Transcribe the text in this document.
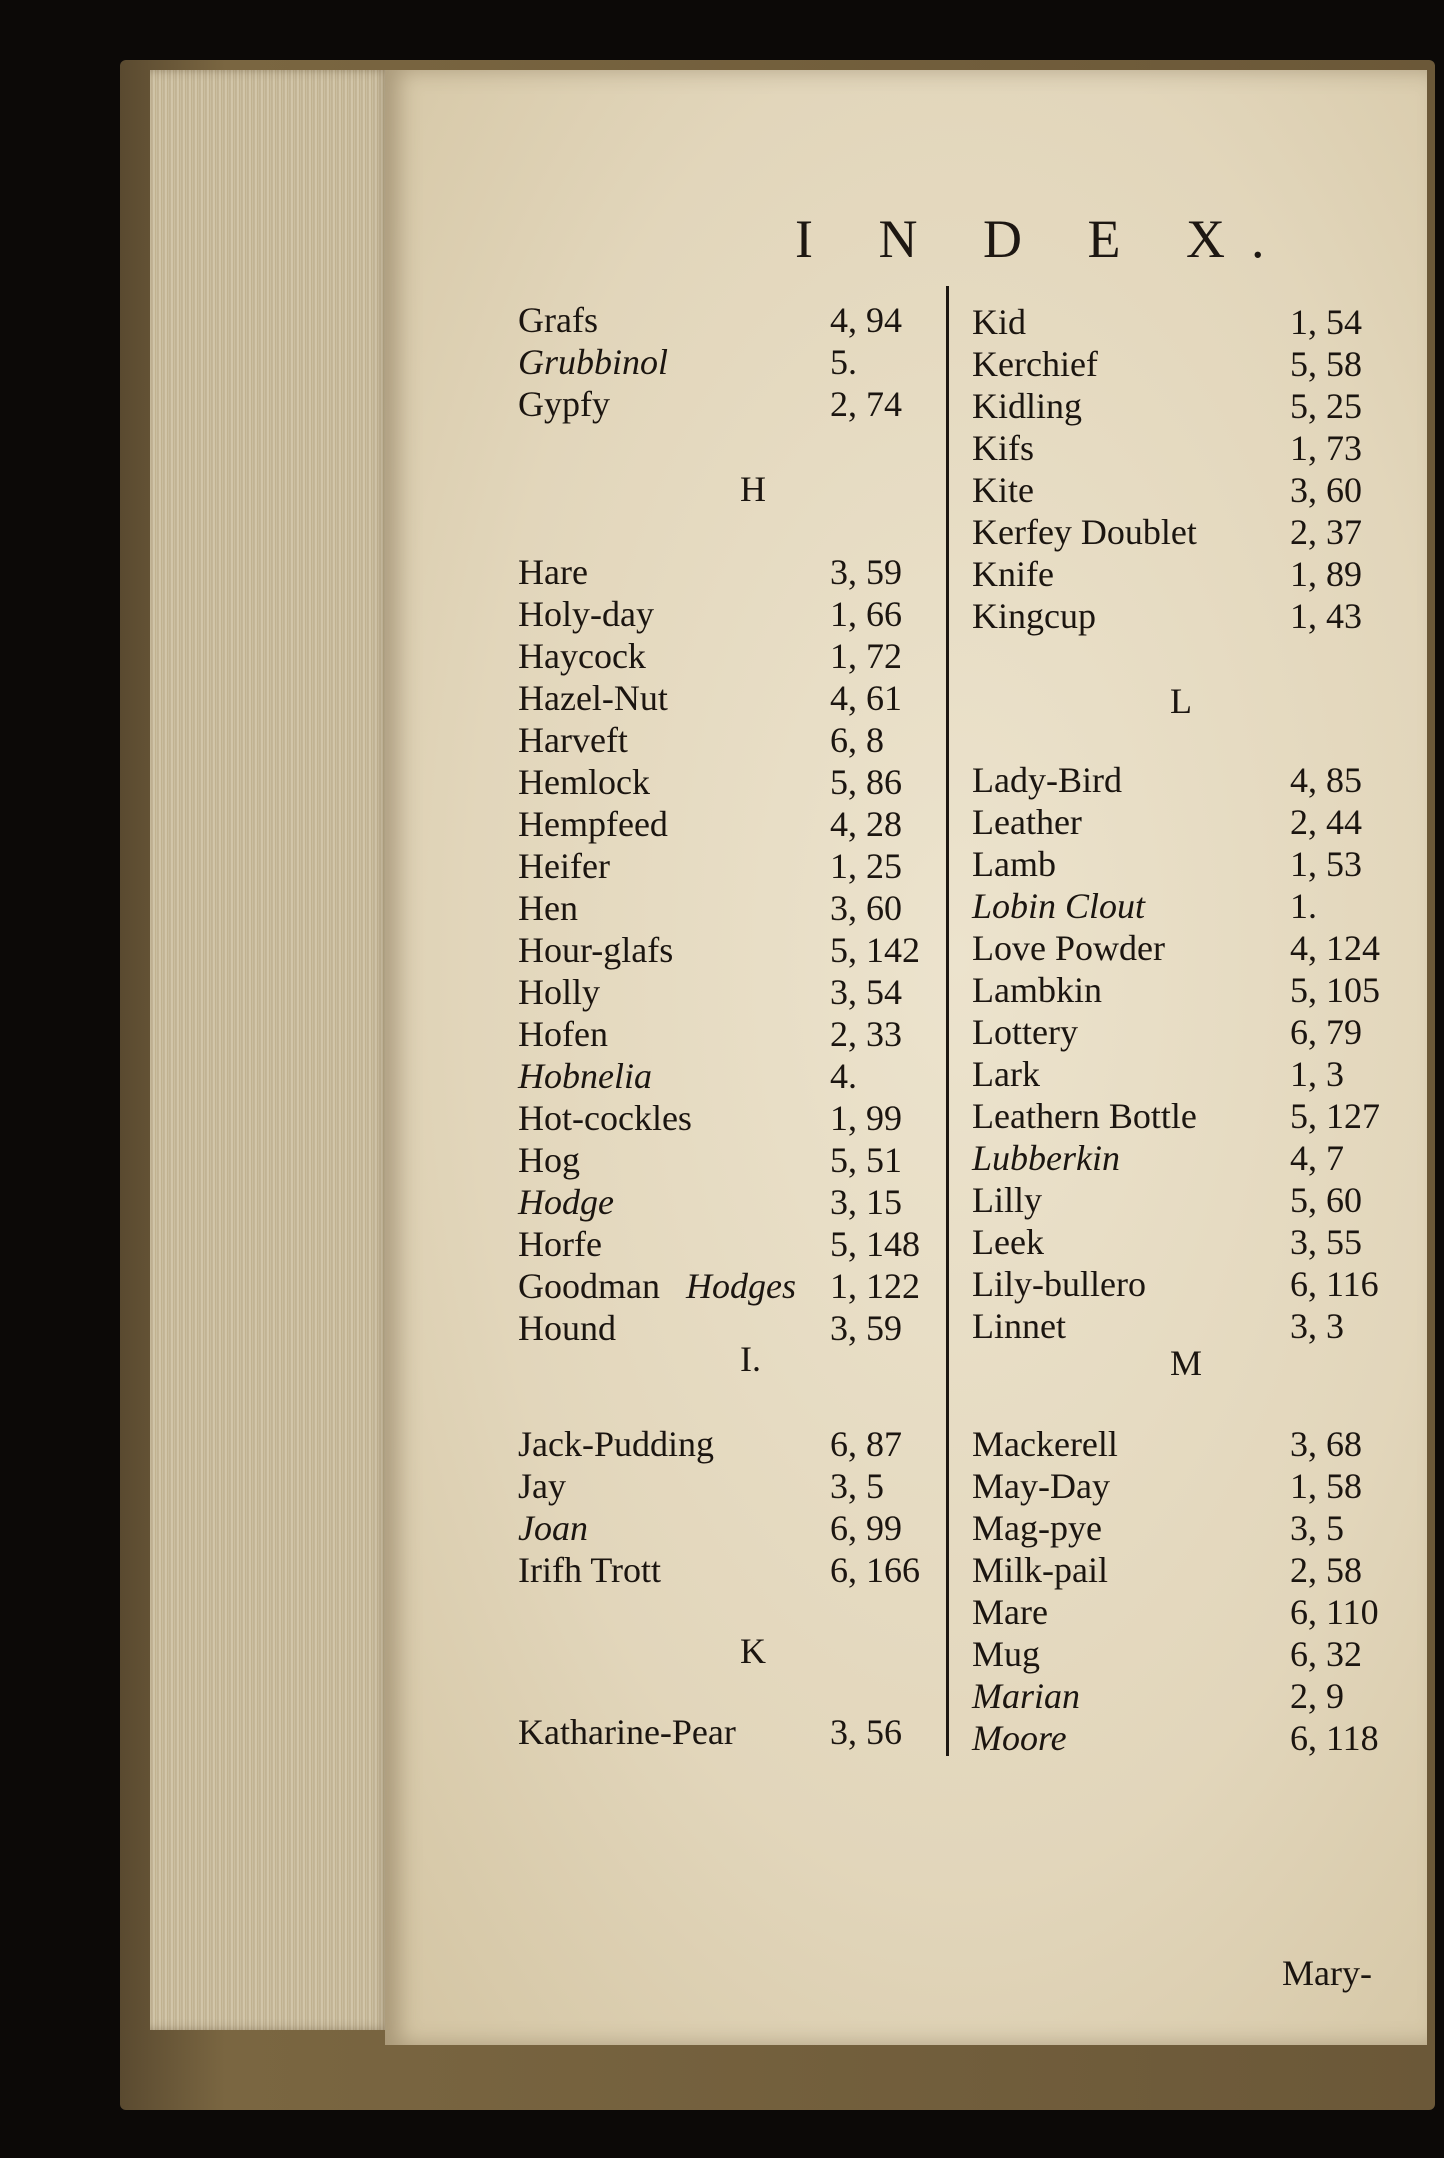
I N D E X.
Grafs	4, 94
Grubbinol	5.
Gypfy	2, 74
H
Hare	3, 59
Holy-day	1, 66
Haycock	1, 72
Hazel-Nut	4, 61
Harveft	6, 8
Hemlock	5, 86
Hempfeed	4, 28
Heifer	1, 25
Hen	3, 60
Hour-glafs	5, 142
Holly	3, 54
Hofen	2, 33
Hobnelia	4.
Hot-cockles	1, 99
Hog	5, 51
Hodge	3, 15
Horfe	5, 148
Goodman Hodges 1, 122
Hound	3, 59
I.
Jack-Pudding	6, 87
Jay	3, 5
Joan	6, 99
Irifh Trott	6, 166
K
Katharine-Pear	3, 56
Kid	1, 54
Kerchief	5, 58
Kidling	5, 25
Kifs	1, 73
Kite	3, 60
Kerfey Doublet	2, 37
Knife	1, 89
Kingcup	1, 43
L
Lady-Bird	4, 85
Leather	2, 44
Lamb	1, 53
Lobin Clout	1.
Love Powder	4, 124
Lambkin	5, 105
Lottery	6, 79
Lark	1, 3
Leathern Bottle	5, 127
Lubberkin	4, 7
Lilly	5, 60
Leek	3, 55
Lily-bullero	6, 116
Linnet	3, 3
M
Mackerell	3, 68
May-Day	1, 58
Mag-pye	3, 5
Milk-pail	2, 58
Mare	6, 110
Mug	6, 32
Marian	2, 9
Moore	6, 118
Mary-
